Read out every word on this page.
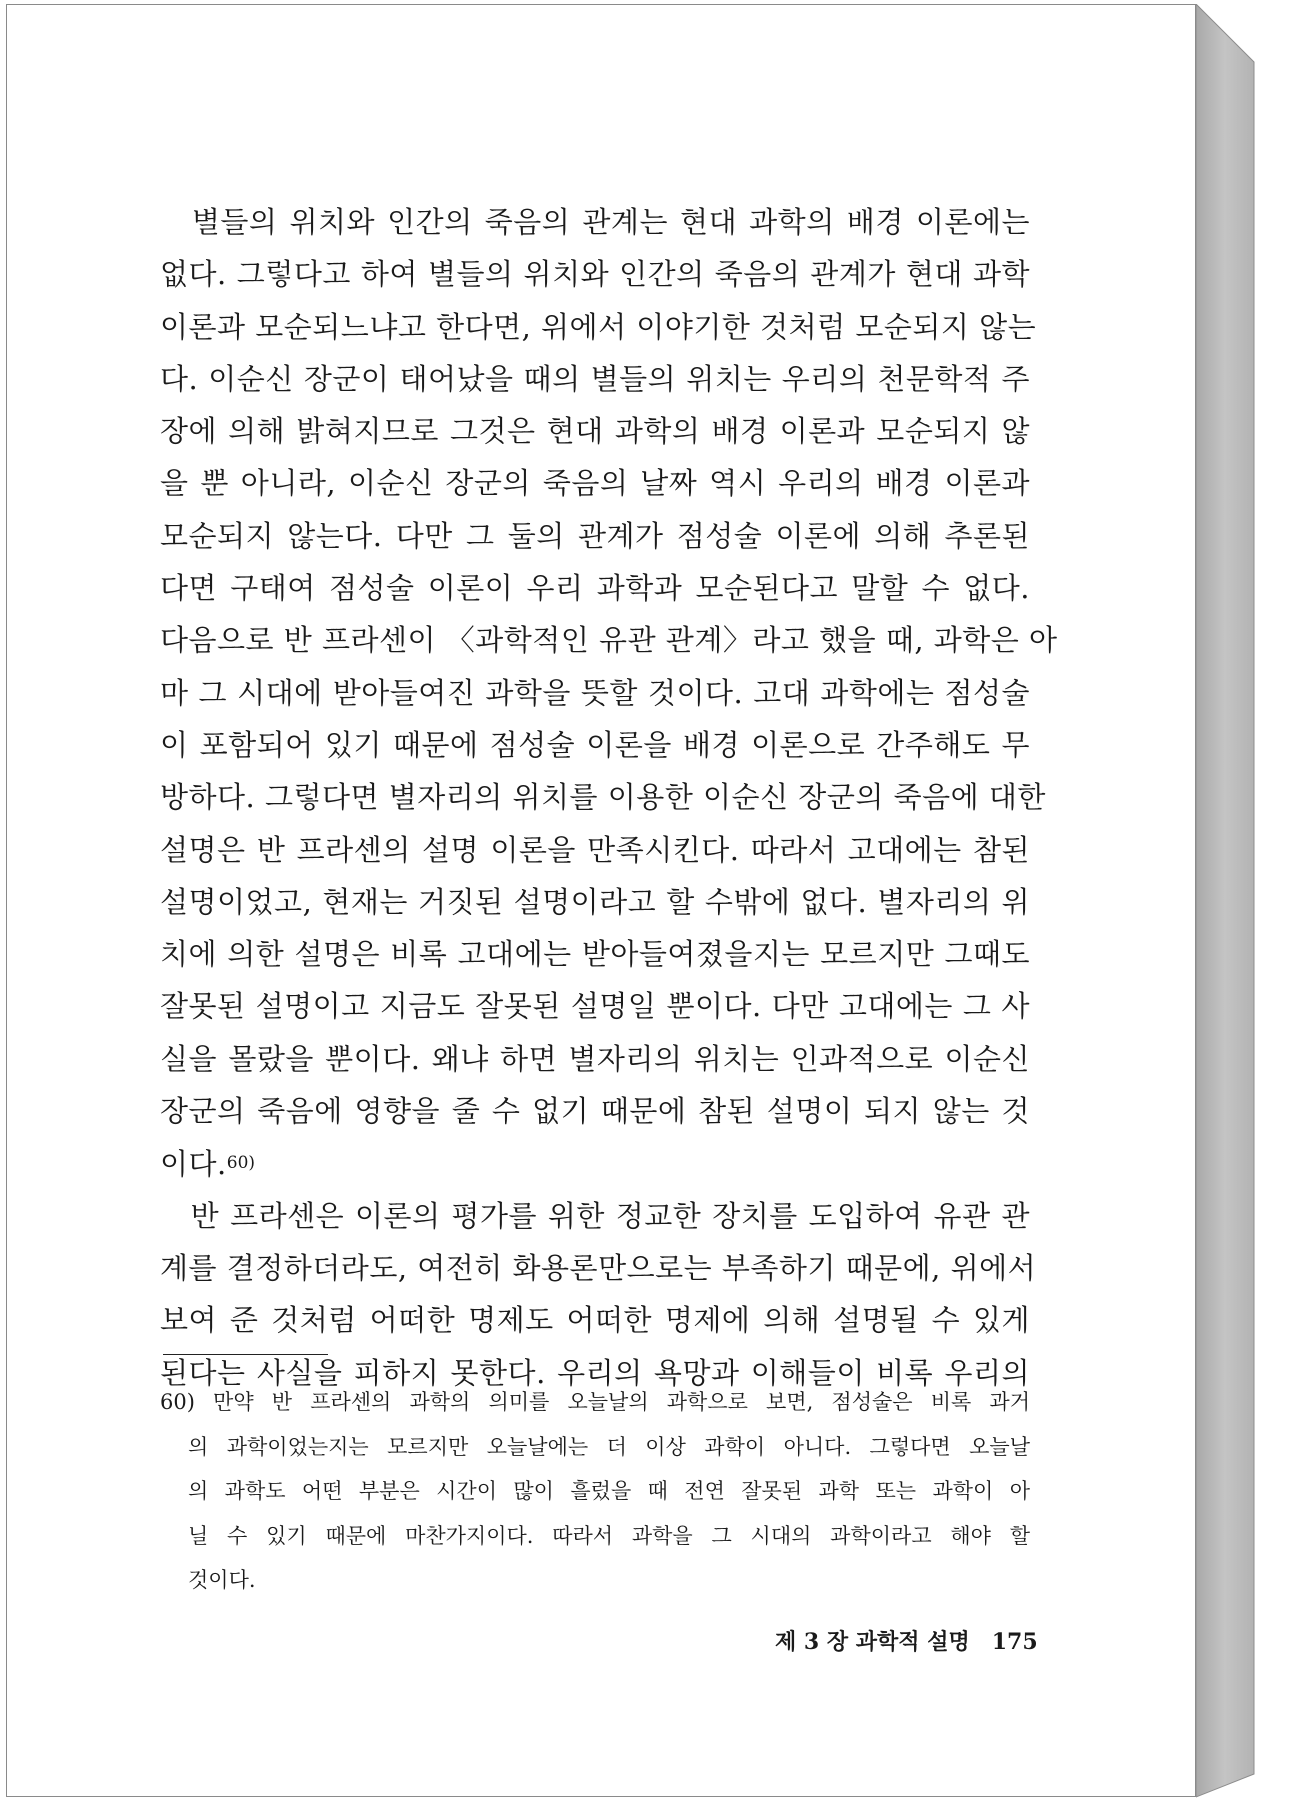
　별들의 위치와 인간의 죽음의 관계는 현대 과학의 배경 이론에는
없다. 그렇다고 하여 별들의 위치와 인간의 죽음의 관계가 현대 과학
이론과 모순되느냐고 한다면, 위에서 이야기한 것처럼 모순되지 않는
다. 이순신 장군이 태어났을 때의 별들의 위치는 우리의 천문학적 주
장에 의해 밝혀지므로 그것은 현대 과학의 배경 이론과 모순되지 않
을 뿐 아니라, 이순신 장군의 죽음의 날짜 역시 우리의 배경 이론과
모순되지 않는다. 다만 그 둘의 관계가 점성술 이론에 의해 추론된
다면 구태여 점성술 이론이 우리 과학과 모순된다고 말할 수 없다.
다음으로 반 프라센이 〈과학적인 유관 관계〉라고 했을 때, 과학은 아
마 그 시대에 받아들여진 과학을 뜻할 것이다. 고대 과학에는 점성술
이 포함되어 있기 때문에 점성술 이론을 배경 이론으로 간주해도 무
방하다. 그렇다면 별자리의 위치를 이용한 이순신 장군의 죽음에 대한
설명은 반 프라센의 설명 이론을 만족시킨다. 따라서 고대에는 참된
설명이었고, 현재는 거짓된 설명이라고 할 수밖에 없다. 별자리의 위
치에 의한 설명은 비록 고대에는 받아들여졌을지는 모르지만 그때도
잘못된 설명이고 지금도 잘못된 설명일 뿐이다. 다만 고대에는 그 사
실을 몰랐을 뿐이다. 왜냐 하면 별자리의 위치는 인과적으로 이순신
장군의 죽음에 영향을 줄 수 없기 때문에 참된 설명이 되지 않는 것
이다.$^{60)}$
　반 프라센은 이론의 평가를 위한 정교한 장치를 도입하여 유관 관
계를 결정하더라도, 여전히 화용론만으로는 부족하기 때문에, 위에서
보여 준 것처럼 어떠한 명제도 어떠한 명제에 의해 설명될 수 있게
된다는 사실을 피하지 못한다. 우리의 욕망과 이해들이 비록 우리의
60) 만약 반 프라센의 과학의 의미를 오늘날의 과학으로 보면, 점성술은 비록 과거
의 과학이었는지는 모르지만 오늘날에는 더 이상 과학이 아니다. 그렇다면 오늘날
의 과학도 어떤 부분은 시간이 많이 흘렀을 때 전연 잘못된 과학 또는 과학이 아
닐 수 있기 때문에 마찬가지이다. 따라서 과학을 그 시대의 과학이라고 해야 할
것이다.
제 3 장 과학적 설명 175
